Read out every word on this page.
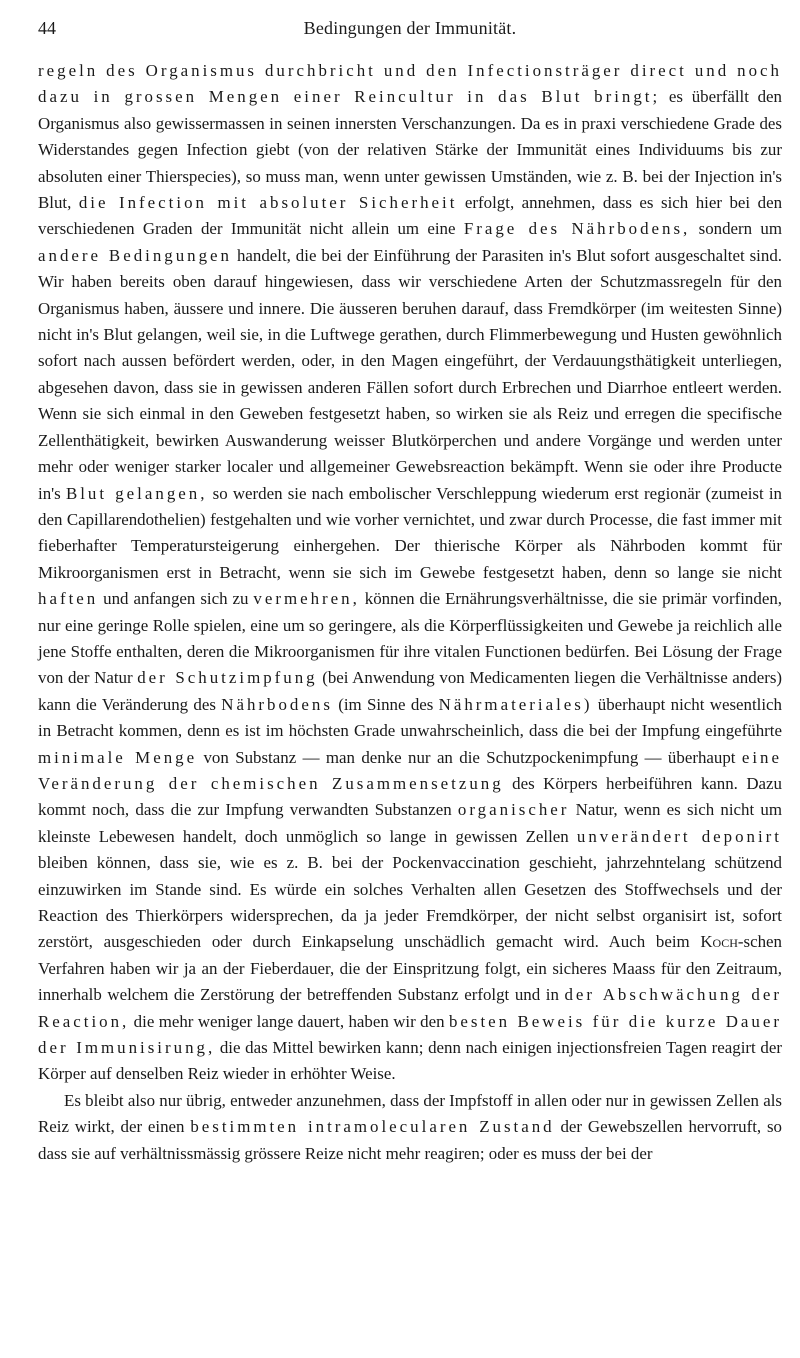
44	Bedingungen der Immunität.

regeln des Organismus durchbricht und den Infectionsträger direct und noch dazu in grossen Mengen einer Reincultur in das Blut bringt; es überfällt den Organismus also gewissermassen in seinen innersten Verschanzungen. Da es in praxi verschiedene Grade des Widerstandes gegen Infection giebt (von der relativen Stärke der Immunität eines Individuums bis zur absoluten einer Thierspecies), so muss man, wenn unter gewissen Umständen, wie z. B. bei der Injection in's Blut, die Infection mit absoluter Sicherheit erfolgt, annehmen, dass es sich hier bei den verschiedenen Graden der Immunität nicht allein um eine Frage des Nährbodens, sondern um andere Bedingungen handelt, die bei der Einführung der Parasiten in's Blut sofort ausgeschaltet sind. Wir haben bereits oben darauf hingewiesen, dass wir verschiedene Arten der Schutzmassregeln für den Organismus haben, äussere und innere. Die äusseren beruhen darauf, dass Fremdkörper (im weitesten Sinne) nicht in's Blut gelangen, weil sie, in die Luftwege gerathen, durch Flimmerbewegung und Husten gewöhnlich sofort nach aussen befördert werden, oder, in den Magen eingeführt, der Verdauungsthätigkeit unterliegen, abgesehen davon, dass sie in gewissen anderen Fällen sofort durch Erbrechen und Diarrhoe entleert werden. Wenn sie sich einmal in den Geweben festgesetzt haben, so wirken sie als Reiz und erregen die specifische Zellenthätigkeit, bewirken Auswanderung weisser Blutkörperchen und andere Vorgänge und werden unter mehr oder weniger starker localer und allgemeiner Gewebsreaction bekämpft. Wenn sie oder ihre Producte in's Blut gelangen, so werden sie nach embolischer Verschleppung wiederum erst regionär (zumeist in den Capillarendothelien) festgehalten und wie vorher vernichtet, und zwar durch Processe, die fast immer mit fieberhafter Temperatursteigerung einhergehen. Der thierische Körper als Nährboden kommt für Mikroorganismen erst in Betracht, wenn sie sich im Gewebe festgesetzt haben, denn so lange sie nicht haften und anfangen sich zu vermehren, können die Ernährungsverhältnisse, die sie primär vorfinden, nur eine geringe Rolle spielen, eine um so geringere, als die Körperflüssigkeiten und Gewebe ja reichlich alle jene Stoffe enthalten, deren die Mikroorganismen für ihre vitalen Functionen bedürfen. Bei Lösung der Frage von der Natur der Schutzimpfung (bei Anwendung von Medicamenten liegen die Verhältnisse anders) kann die Veränderung des Nährbodens (im Sinne des Nährmateriales) überhaupt nicht wesentlich in Betracht kommen, denn es ist im höchsten Grade unwahrscheinlich, dass die bei der Impfung eingeführte minimale Menge von Substanz — man denke nur an die Schutzpockenimpfung — überhaupt eine Veränderung der chemischen Zusammensetzung des Körpers herbeiführen kann. Dazu kommt noch, dass die zur Impfung verwandten Substanzen organischer Natur, wenn es sich nicht um kleinste Lebewesen handelt, doch unmöglich so lange in gewissen Zellen unverändert deponirt bleiben können, dass sie, wie es z. B. bei der Pockenvaccination geschieht, jahrzehntelang schützend einzuwirken im Stande sind. Es würde ein solches Verhalten allen Gesetzen des Stoffwechsels und der Reaction des Thierkörpers widersprechen, da ja jeder Fremdkörper, der nicht selbst organisirt ist, sofort zerstört, ausgeschieden oder durch Einkapselung unschädlich gemacht wird. Auch beim Koch-schen Verfahren haben wir ja an der Fieberdauer, die der Einspritzung folgt, ein sicheres Maass für den Zeitraum, innerhalb welchem die Zerstörung der betreffenden Substanz erfolgt und in der Abschwächung der Reaction, die mehr weniger lange dauert, haben wir den besten Beweis für die kurze Dauer der Immunisirung, die das Mittel bewirken kann; denn nach einigen injectionsfreien Tagen reagirt der Körper auf denselben Reiz wieder in erhöhter Weise.

Es bleibt also nur übrig, entweder anzunehmen, dass der Impfstoff in allen oder nur in gewissen Zellen als Reiz wirkt, der einen bestimmten intramolecularen Zustand der Gewebszellen hervorruft, so dass sie auf verhältnissmässig grössere Reize nicht mehr reagiren; oder es muss der bei der
